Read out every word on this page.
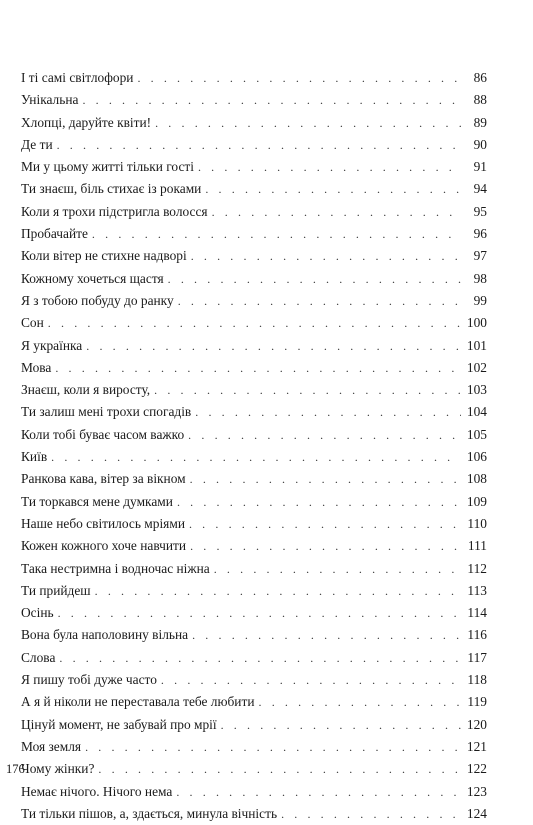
І ті самі світлофори . . .	86
Унікальна . . .	88
Хлопці, даруйте квіти! . . .	89
Де ти . . .	90
Ми у цьому житті тільки гості . . .	91
Ти знаєш, біль стихає із роками . . .	94
Коли я трохи підстригла волосся . . .	95
Пробачайте . . .	96
Коли вітер не стихне надворі . . .	97
Кожному хочеться щастя . . .	98
Я з тобою побуду до ранку . . .	99
Сон . . .	100
Я українка . . .	101
Мова . . .	102
Знаєш, коли я виросту, . . .	103
Ти залиш мені трохи спогадів . . .	104
Коли тобі буває часом важко . . .	105
Київ . . .	106
Ранкова кава, вітер за вікном . . .	108
Ти торкався мене думками . . .	109
Наше небо світилось мріями . . .	110
Кожен кожного хоче навчити . . .	111
Така нестримна і водночас ніжна . . .	112
Ти прийдеш . . .	113
Осінь . . .	114
Вона була наполовину вільна . . .	116
Слова . . .	117
Я пишу тобі дуже часто . . .	118
А я й ніколи не переставала тебе любити . . .	119
Цінуй момент, не забувай про мрії . . .	120
Моя земля . . .	121
Чому жінки? . . .	122
Немає нічого. Нічого нема . . .	123
Ти тільки пішов, а, здається, минула вічність . . .	124
176
